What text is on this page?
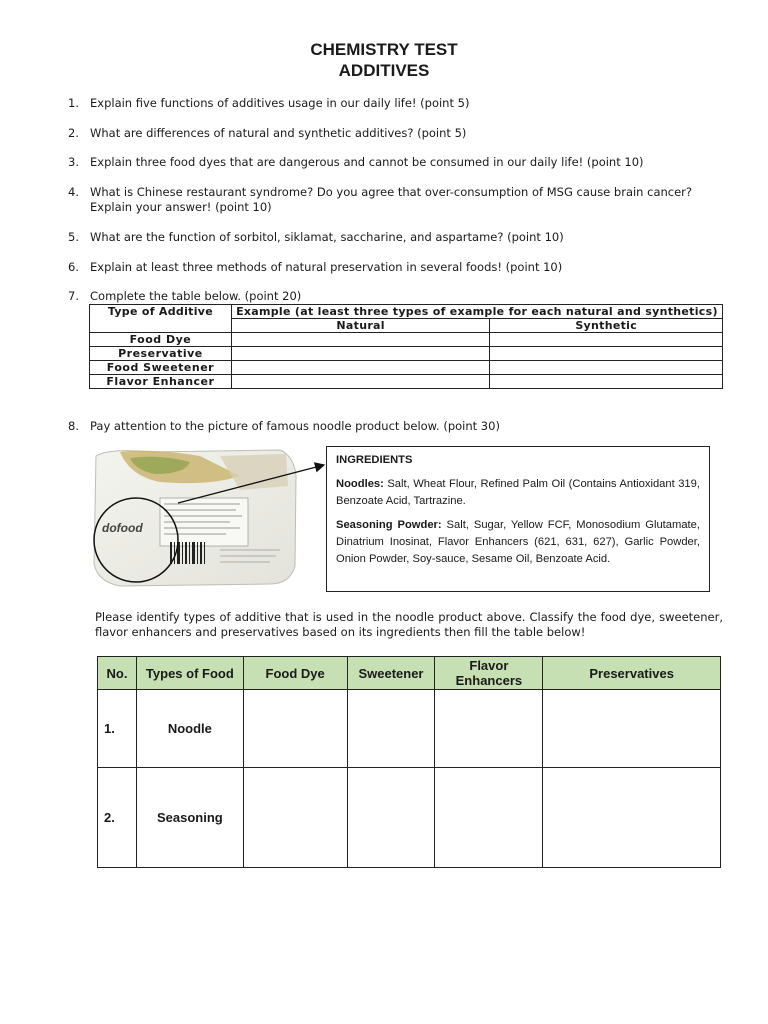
CHEMISTRY TEST
ADDITIVES
1. Explain five functions of additives usage in our daily life! (point 5)
2. What are differences of natural and synthetic additives? (point 5)
3. Explain three food dyes that are dangerous and cannot be consumed in our daily life! (point 10)
4. What is Chinese restaurant syndrome? Do you agree that over-consumption of MSG cause brain cancer? Explain your answer! (point 10)
5. What are the function of sorbitol, siklamat, saccharine, and aspartame? (point 10)
6. Explain at least three methods of natural preservation in several foods! (point 10)
7. Complete the table below. (point 20)
Type of Additive	Example (at least three types of example for each natural and synthetics)	
	Natural	Synthetic
Food Dye		
Preservative		
Food Sweetener		
Flavor Enhancer		
8. Pay attention to the picture of famous noodle product below. (point 30)
dofood

INGREDIENTS

Noodles: Salt, Wheat Flour, Refined Palm Oil (Contains Antioxidant 319, Benzoate Acid, Tartrazine.

Seasoning Powder: Salt, Sugar, Yellow FCF, Monosodium Glutamate, Dinatrium Inosinat, Flavor Enhancers (621, 631, 627), Garlic Powder, Onion Powder, Soy-sauce, Sesame Oil, Benzoate Acid.

Please identify types of additive that is used in the noodle product above. Classify the food dye, sweetener, flavor enhancers and preservatives based on its ingredients then fill the table below!
No.	Types of Food	Food Dye	Sweetener	Flavor Enhancers	Preservatives
1.	Noodle				
2.	Seasoning				
